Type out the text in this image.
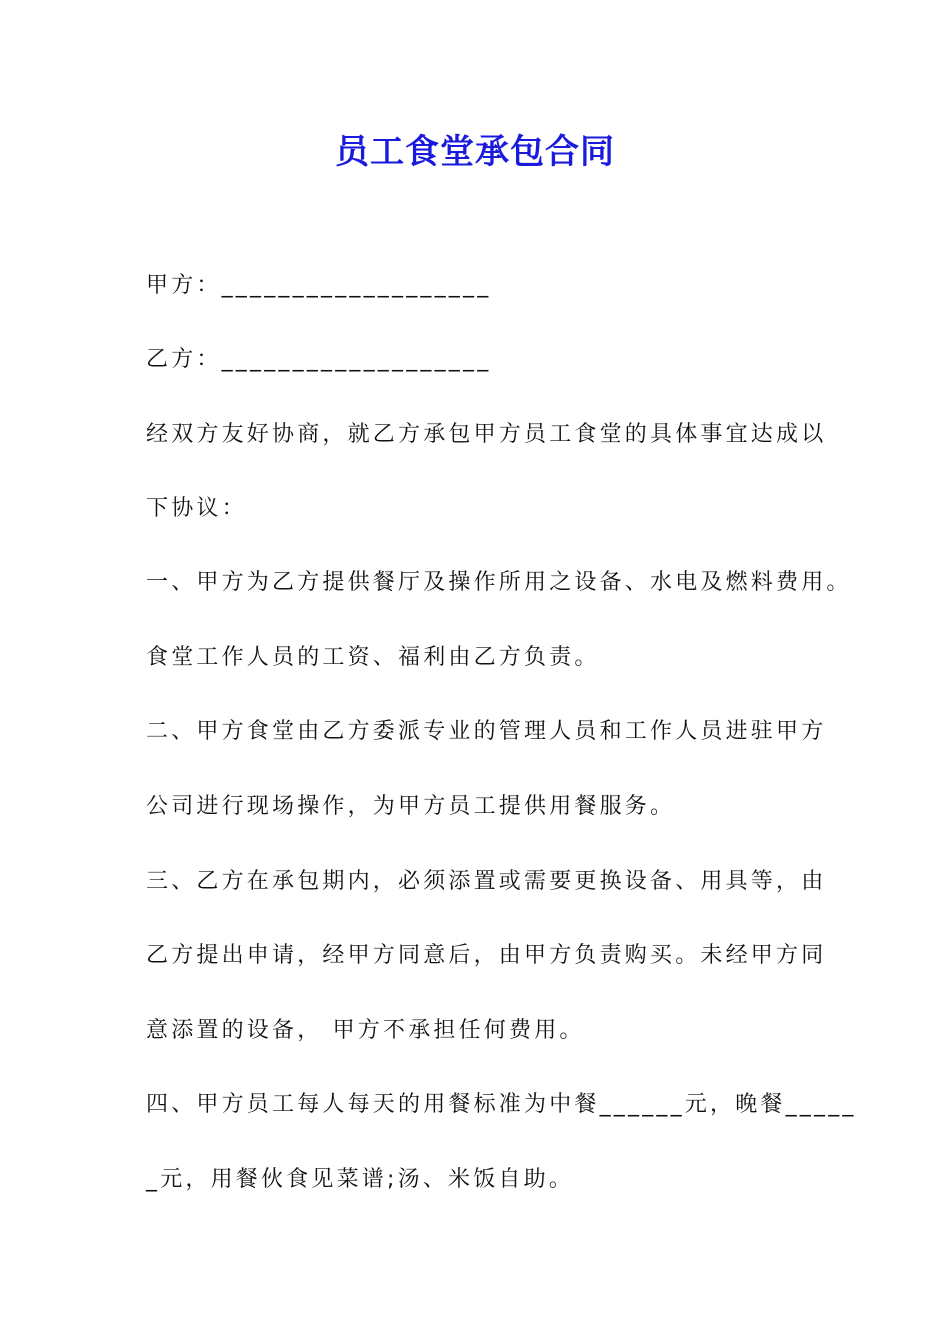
员工食堂承包合同

甲方：___________________

乙方：___________________

经双方友好协商，就乙方承包甲方员工食堂的具体事宜达成以

下协议：

一、甲方为乙方提供餐厅及操作所用之设备、水电及燃料费用。

食堂工作人员的工资、福利由乙方负责。

二、甲方食堂由乙方委派专业的管理人员和工作人员进驻甲方

公司进行现场操作，为甲方员工提供用餐服务。

三、乙方在承包期内，必须添置或需要更换设备、用具等，由

乙方提出申请，经甲方同意后，由甲方负责购买。未经甲方同

意添置的设备， 甲方不承担任何费用。

四、甲方员工每人每天的用餐标准为中餐______元，晚餐_____

_元，用餐伙食见菜谱;汤、米饭自助。
